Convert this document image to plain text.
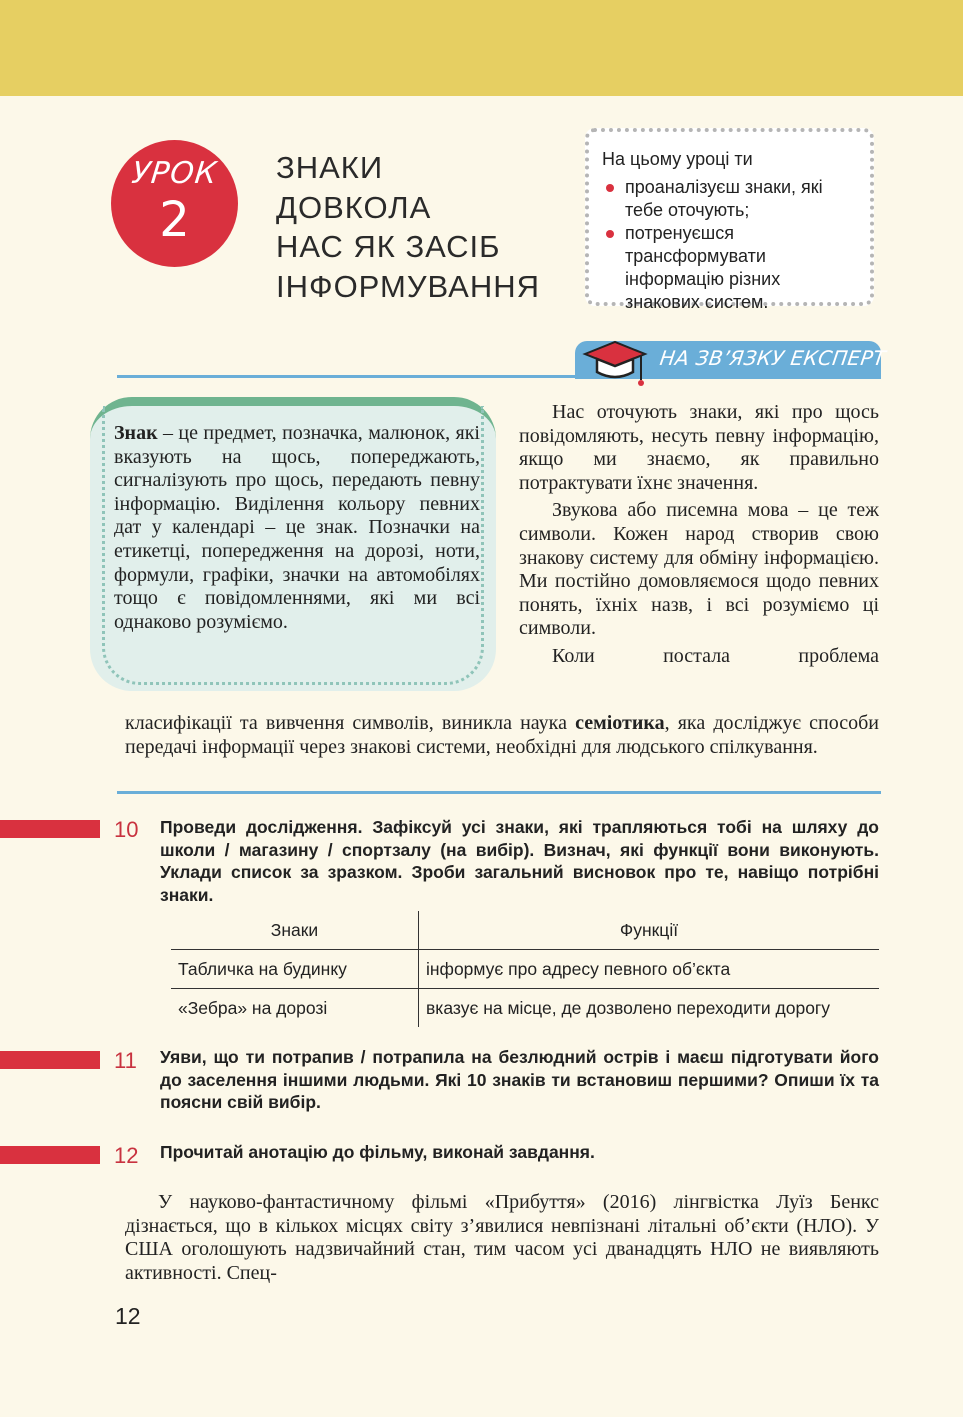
УРОК
2
ЗНАКИ
ДОВКОЛА
НАС ЯК ЗАСІБ
ІНФОРМУВАННЯ
На цьому уроці ти
проаналізуєш знаки, які тебе оточують;
потренуєшся трансформувати інформацію різних знакових систем.
НА ЗВ’ЯЗКУ ЕКСПЕРТ
Знак – це предмет, позначка, малюнок, які вказують на щось, попереджають, сигналізують про щось, передають певну інформацію. Виділення кольору певних дат у календарі – це знак. Позначки на етикетці, попередження на дорозі, ноти, формули, графіки, значки на автомобілях тощо є повідомленнями, які ми всі однаково розуміємо.

Нас оточують знаки, які про щось повідомляють, несуть певну інформацію, якщо ми знаємо, як правильно потрактувати їхнє значення.

Звукова або писемна мова – це теж символи. Кожен народ створив свою знакову систему для обміну інформацією. Ми постійно домовляємося щодо певних понять, їхніх назв, і всі розуміємо ці символи.

Коли постала проблема

класифікації та вивчення символів, виникла наука семіотика, яка досліджує способи передачі інформації через знакові системи, необхідні для людського спілкування.
10 Проведи дослідження. Зафіксуй усі знаки, які трапляються тобі на шляху до школи / магазину / спортзалу (на вибір). Визнач, які функції вони виконують. Уклади список за зразком. Зроби загальний висновок про те, навіщо потрібні знаки.
Знаки	Функції
Табличка на будинку	інформує про адресу певного об’єкта
«Зебра» на дорозі	вказує на місце, де дозволено переходити дорогу
11 Уяви, що ти потрапив / потрапила на безлюдний острів і маєш підготувати його до заселення іншими людьми. Які 10 знаків ти встановиш першими? Опиши їх та поясни свій вибір.
12 Прочитай анотацію до фільму, виконай завдання.
У науково-фантастичному фільмі «Прибуття» (2016) лінгвістка Луїз Бенкс дізнається, що в кількох місцях світу з’явилися невпізнані літальні об’єкти (НЛО). У США оголошують надзвичайний стан, тим часом усі дванадцять НЛО не виявляють активності. Спец-
12
